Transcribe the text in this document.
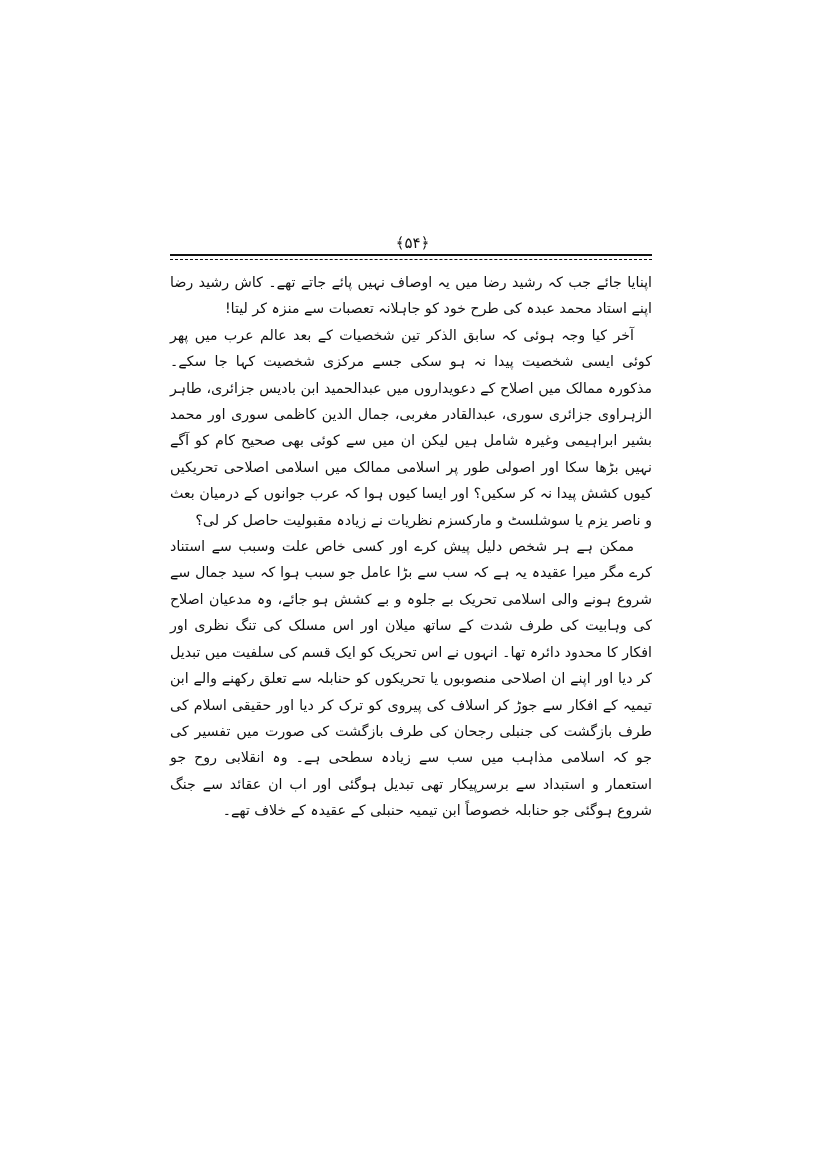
﴿۵۴﴾

اپنایا جائے جب کہ رشید رضا میں یہ اوصاف نہیں پائے جاتے تھے۔ کاش رشید رضا اپنے استاد محمد عبدہ کی طرح خود کو جاہلانہ تعصبات سے منزہ کر لیتا!

آخر کیا وجہ ہوئی کہ سابق الذکر تین شخصیات کے بعد عالم عرب میں پھر کوئی ایسی شخصیت پیدا نہ ہو سکی جسے مرکزی شخصیت کہا جا سکے۔ مذکورہ ممالک میں اصلاح کے دعویداروں میں عبدالحمید ابن بادیس جزائری، طاہر الزہراوی جزائری سوری، عبدالقادر مغربی، جمال الدین کاظمی سوری اور محمد بشیر ابراہیمی وغیرہ شامل ہیں لیکن ان میں سے کوئی بھی صحیح کام کو آگے نہیں بڑھا سکا اور اصولی طور پر اسلامی ممالک میں اسلامی اصلاحی تحریکیں کیوں کشش پیدا نہ کر سکیں؟ اور ایسا کیوں ہوا کہ عرب جوانوں کے درمیان بعث و ناصر یزم یا سوشلسٹ و مارکسزم نظریات نے زیادہ مقبولیت حاصل کر لی؟

ممکن ہے ہر شخص دلیل پیش کرے اور کسی خاص علت وسبب سے استناد کرے مگر میرا عقیدہ یہ ہے کہ سب سے بڑا عامل جو سبب ہوا کہ سید جمال سے شروع ہونے والی اسلامی تحریک بے جلوہ و بے کشش ہو جائے، وہ مدعیان اصلاح کی وہابیت کی طرف شدت کے ساتھ میلان اور اس مسلک کی تنگ نظری اور افکار کا محدود دائرہ تھا۔ انہوں نے اس تحریک کو ایک قسم کی سلفیت میں تبدیل کر دیا اور اپنے ان اصلاحی منصوبوں یا تحریکوں کو حنابلہ سے تعلق رکھنے والے ابن تیمیہ کے افکار سے جوڑ کر اسلاف کی پیروی کو ترک کر دیا اور حقیقی اسلام کی طرف بازگشت کی جنبلی رجحان کی طرف بازگشت کی صورت میں تفسیر کی جو کہ اسلامی مذاہب میں سب سے زیادہ سطحی ہے۔ وہ انقلابی روح جو استعمار و استبداد سے برسرپیکار تھی تبدیل ہوگئی اور اب ان عقائد سے جنگ شروع ہوگئی جو حنابلہ خصوصاً ابن تیمیہ حنبلی کے عقیدہ کے خلاف تھے۔
